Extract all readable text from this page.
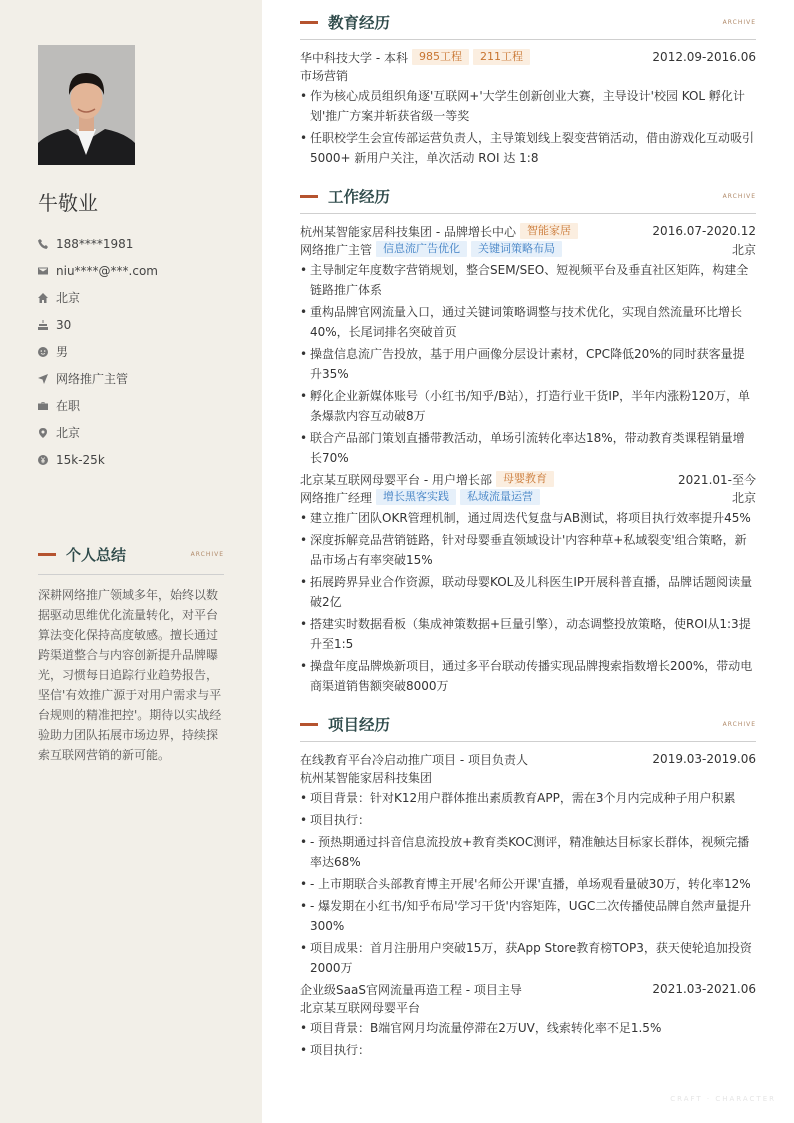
牛敬业
188****1981
niu****@***.com
北京
30
男
网络推广主管
在职
北京
15k-25k
个人总结	ARCHIVE

深耕网络推广领域多年，始终以数据驱动思维优化流量转化，对平台算法变化保持高度敏感。擅长通过跨渠道整合与内容创新提升品牌曝光，习惯每日追踪行业趋势报告，坚信'有效推广源于对用户需求与平台规则的精准把控'。期待以实战经验助力团队拓展市场边界，持续探索互联网营销的新可能。

教育经历	ARCHIVE
华中科技大学 - 本科	985工程	211工程	2012.09-2016.06
市场营销
• 作为核心成员组织角逐'互联网+'大学生创新创业大赛，主导设计'校园 KOL 孵化计划'推广方案并斩获省级一等奖
• 任职校学生会宣传部运营负责人，主导策划线上裂变营销活动，借由游戏化互动吸引 5000+ 新用户关注，单次活动 ROI 达 1:8
工作经历	ARCHIVE
杭州某智能家居科技集团 - 品牌增长中心	智能家居	2016.07-2020.12
网络推广主管	信息流广告优化	关键词策略布局	北京
• 主导制定年度数字营销规划，整合SEM/SEO、短视频平台及垂直社区矩阵，构建全链路推广体系
• 重构品牌官网流量入口，通过关键词策略调整与技术优化，实现自然流量环比增长40%，长尾词排名突破首页
• 操盘信息流广告投放，基于用户画像分层设计素材，CPC降低20%的同时获客量提升35%
• 孵化企业新媒体账号（小红书/知乎/B站），打造行业干货IP，半年内涨粉120万，单条爆款内容互动破8万
• 联合产品部门策划直播带教活动，单场引流转化率达18%，带动教育类课程销量增长70%
北京某互联网母婴平台 - 用户增长部	母婴教育	2021.01-至今
网络推广经理	增长黑客实践	私域流量运营	北京
• 建立推广团队OKR管理机制，通过周迭代复盘与AB测试，将项目执行效率提升45%
• 深度拆解竞品营销链路，针对母婴垂直领域设计'内容种草+私域裂变'组合策略，新品市场占有率突破15%
• 拓展跨界异业合作资源，联动母婴KOL及儿科医生IP开展科普直播，品牌话题阅读量破2亿
• 搭建实时数据看板（集成神策数据+巨量引擎），动态调整投放策略，使ROI从1:3提升至1:5
• 操盘年度品牌焕新项目，通过多平台联动传播实现品牌搜索指数增长200%，带动电商渠道销售额突破8000万
项目经历	ARCHIVE
在线教育平台冷启动推广项目 - 项目负责人	2019.03-2019.06
杭州某智能家居科技集团
• 项目背景：针对K12用户群体推出素质教育APP，需在3个月内完成种子用户积累
• 项目执行：
• - 预热期通过抖音信息流投放+教育类KOC测评，精准触达目标家长群体，视频完播率达68%
• - 上市期联合头部教育博主开展'名师公开课'直播，单场观看量破30万，转化率12%
• - 爆发期在小红书/知乎布局'学习干货'内容矩阵，UGC二次传播使品牌自然声量提升300%
• 项目成果：首月注册用户突破15万，获App Store教育榜TOP3，获天使轮追加投资2000万
企业级SaaS官网流量再造工程 - 项目主导	2021.03-2021.06
北京某互联网母婴平台
• 项目背景：B端官网月均流量停滞在2万UV，线索转化率不足1.5%
• 项目执行：
CRAFT · CHARACTER
